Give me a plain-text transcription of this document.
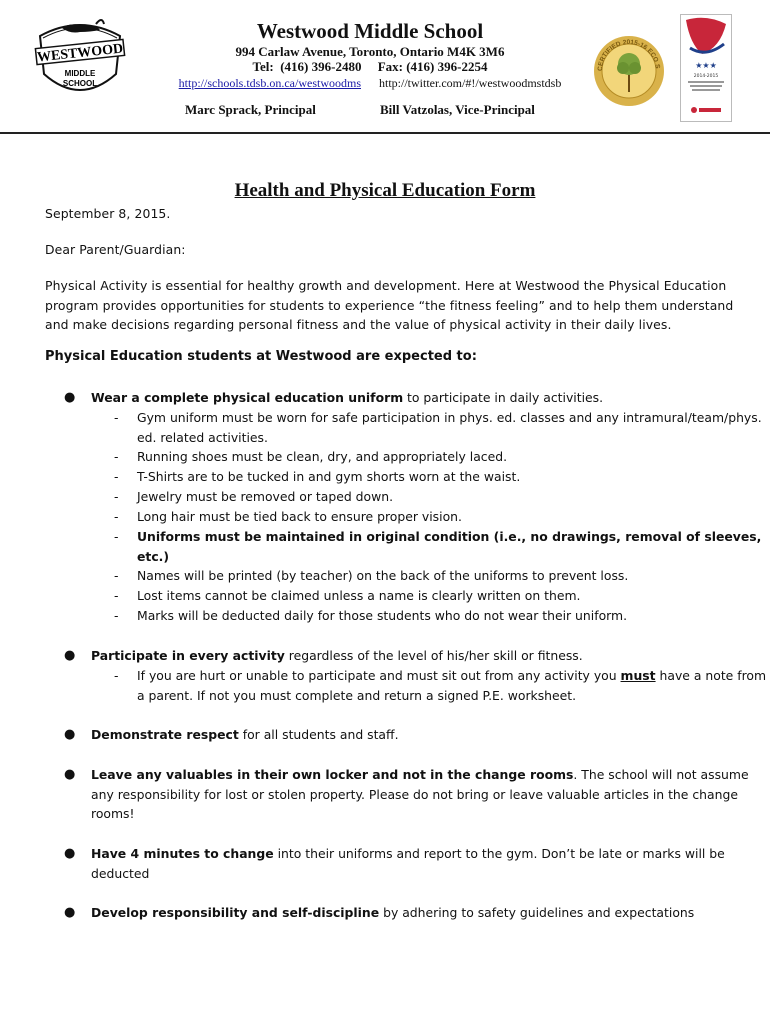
WESTWOOD
MIDDLE
SCHOOL
Westwood Middle School
994 Carlaw Avenue, Toronto, Ontario M4K 3M6
Tel:  (416) 396-2480     Fax: (416) 396-2254
http://schools.tdsb.on.ca/westwoodms http://twitter.com/#!/westwoodmstdsb
Marc Sprack, Principal	Bill Vatzolas, Vice-Principal
CERTIFIED 2015-16 ECO S	★★★
2014-2015
Health and Physical Education Form
September 8, 2015.
Dear Parent/Guardian:
Physical Activity is essential for healthy growth and development. Here at Westwood the Physical Education program provides opportunities for students to experience “the fitness feeling” and to help them understand and make decisions regarding personal fitness and the value of physical activity in their daily lives.
Physical Education students at Westwood are expected to:
● Wear a complete physical education uniform to participate in daily activities.
- Gym uniform must be worn for safe participation in phys. ed. classes and any intramural/team/phys. ed. related activities.
- Running shoes must be clean, dry, and appropriately laced.
- T-Shirts are to be tucked in and gym shorts worn at the waist.
- Jewelry must be removed or taped down.
- Long hair must be tied back to ensure proper vision.
- Uniforms must be maintained in original condition (i.e., no drawings, removal of sleeves, etc.)
- Names will be printed (by teacher) on the back of the uniforms to prevent loss.
- Lost items cannot be claimed unless a name is clearly written on them.
- Marks will be deducted daily for those students who do not wear their uniform.
● Participate in every activity regardless of the level of his/her skill or fitness.
- If you are hurt or unable to participate and must sit out from any activity you must have a note from a parent. If not you must complete and return a signed P.E. worksheet.
● Demonstrate respect for all students and staff.
● Leave any valuables in their own locker and not in the change rooms. The school will not assume any responsibility for lost or stolen property. Please do not bring or leave valuable articles in the change rooms!
● Have 4 minutes to change into their uniforms and report to the gym. Don’t be late or marks will be deducted
● Develop responsibility and self-discipline by adhering to safety guidelines and expectations
